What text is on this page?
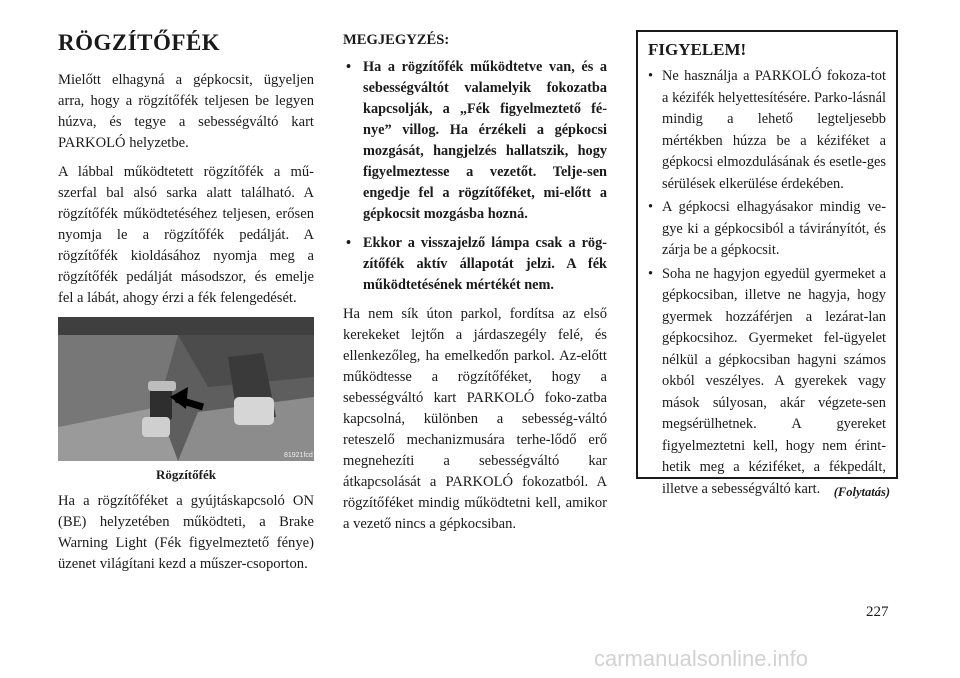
RÖGZÍTŐFÉK

Mielőtt elhagyná a gépkocsit, ügyeljen arra, hogy a rögzítőfék teljesen be legyen húzva, és tegye a sebességváltó kart PARKOLÓ helyzetbe.

A lábbal működtetett rögzítőfék a mű-szerfal bal alsó sarka alatt található. A rögzítőfék működtetéséhez teljesen, erősen nyomja le a rögzítőfék pedálját. A rögzítőfék kioldásához nyomja meg a rögzítőfék pedálját másodszor, és emelje fel a lábát, ahogy érzi a fék felengedését.

81921fcd
Rögzítőfék

Ha a rögzítőféket a gyújtáskapcsoló ON (BE) helyzetében működteti, a Brake Warning Light (Fék figyelmeztető fénye) üzenet világítani kezd a műszer-csoporton.

MEGJEGYZÉS:
• Ha a rögzítőfék működtetve van, és a sebességváltót valamelyik fokozatba kapcsolják, a „Fék figyelmeztető fé-nye” villog. Ha érzékeli a gépkocsi mozgását, hangjelzés hallatszik, hogy figyelmeztesse a vezetőt. Telje-sen engedje fel a rögzítőféket, mi-előtt a gépkocsit mozgásba hozná.
• Ekkor a visszajelző lámpa csak a rög-zítőfék aktív állapotát jelzi. A fék működtetésének mértékét nem.

Ha nem sík úton parkol, fordítsa az első kerekeket lejtőn a járdaszegély felé, és ellenkezőleg, ha emelkedőn parkol. Az-előtt működtesse a rögzítőféket, hogy a sebességváltó kart PARKOLÓ foko-zatba kapcsolná, különben a sebesség-váltó reteszelő mechanizmusára terhe-lődő erő megnehezíti a sebességváltó kar átkapcsolását a PARKOLÓ fokozatból. A rögzítőféket mindig működtetni kell, amikor a vezető nincs a gépkocsiban.

FIGYELEM!
• Ne használja a PARKOLÓ fokoza-tot a kézifék helyettesítésére. Parko-lásnál mindig a lehető legteljesebb mértékben húzza be a kéziféket a gépkocsi elmozdulásának és esetle-ges sérülések elkerülése érdekében.
• A gépkocsi elhagyásakor mindig ve-gye ki a gépkocsiból a távirányítót, és zárja be a gépkocsit.
• Soha ne hagyjon egyedül gyermeket a gépkocsiban, illetve ne hagyja, hogy gyermek hozzáférjen a lezárat-lan gépkocsihoz. Gyermeket fel-ügyelet nélkül a gépkocsiban hagyni számos okból veszélyes. A gyerekek vagy mások súlyosan, akár végzete-sen megsérülhetnek. A gyereket figyelmeztetni kell, hogy nem érint-hetik meg a kéziféket, a fékpedált, illetve a sebességváltó kart.	(Folytatás)
227
carmanualsonline.info
